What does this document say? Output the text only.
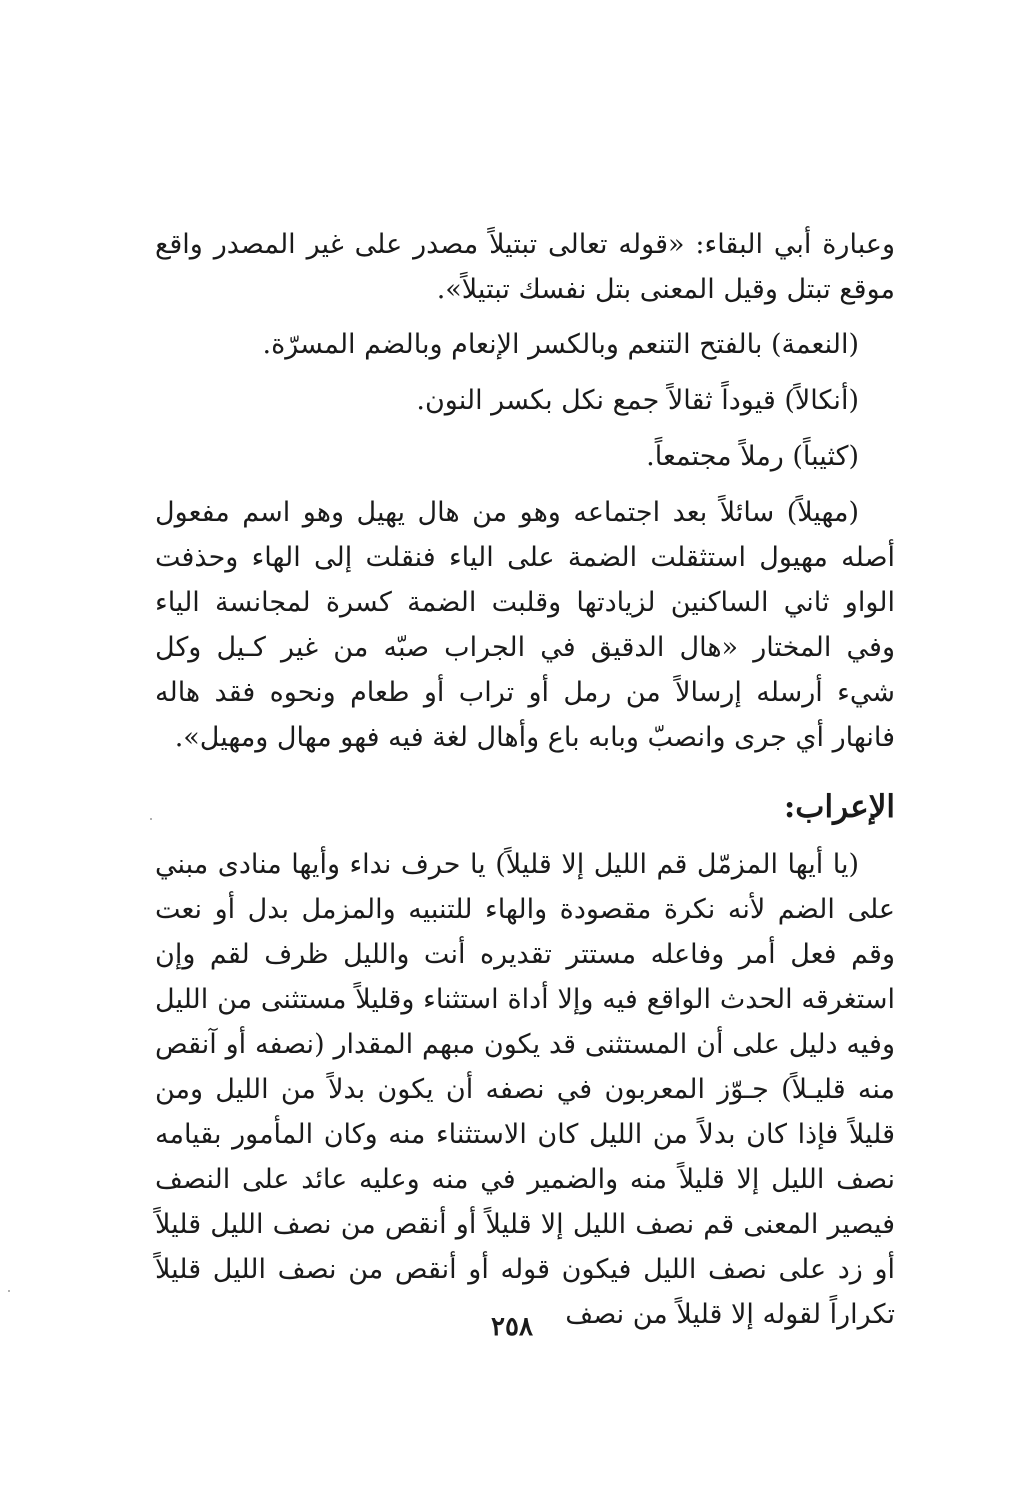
وعبارة أبي البقاء: «قوله تعالى تبتيلاً مصدر على غير المصدر واقع موقع تبتل وقيل المعنى بتل نفسك تبتيلاً».

(النعمة) بالفتح التنعم وبالكسر الإنعام وبالضم المسرّة.

(أنكالاً) قيوداً ثقالاً جمع نكل بكسر النون.

(كثيباً) رملاً مجتمعاً.

(مهيلاً) سائلاً بعد اجتماعه وهو من هال يهيل وهو اسم مفعول أصله مهيول استثقلت الضمة على الياء فنقلت إلى الهاء وحذفت الواو ثاني الساكنين لزيادتها وقلبت الضمة كسرة لمجانسة الياء وفي المختار «هال الدقيق في الجراب صبّه من غير كـيل وكل شيء أرسله إرسالاً من رمل أو تراب أو طعام ونحوه فقد هاله فانهار أي جرى وانصبّ وبابه باع وأهال لغة فيه فهو مهال ومهيل».

الإعراب:

(يا أيها المزمّل قم الليل إلا قليلاً) يا حرف نداء وأيها منادى مبني على الضم لأنه نكرة مقصودة والهاء للتنبيه والمزمل بدل أو نعت وقم فعل أمر وفاعله مستتر تقديره أنت والليل ظرف لقم وإن استغرقه الحدث الواقع فيه وإلا أداة استثناء وقليلاً مستثنى من الليل وفيه دليل على أن المستثنى قد يكون مبهم المقدار (نصفه أو آنقص منه قليـلاً) جـوّز المعربون في نصفه أن يكون بدلاً من الليل ومن قليلاً فإذا كان بدلاً من الليل كان الاستثناء منه وكان المأمور بقيامه نصف الليل إلا قليلاً منه والضمير في منه وعليه عائد على النصف فيصير المعنى قم نصف الليل إلا قليلاً أو أنقص من نصف الليل قليلاً أو زد على نصف الليل فيكون قوله أو أنقص من نصف الليل قليلاً تكراراً لقوله إلا قليلاً من نصف

٢٥٨
